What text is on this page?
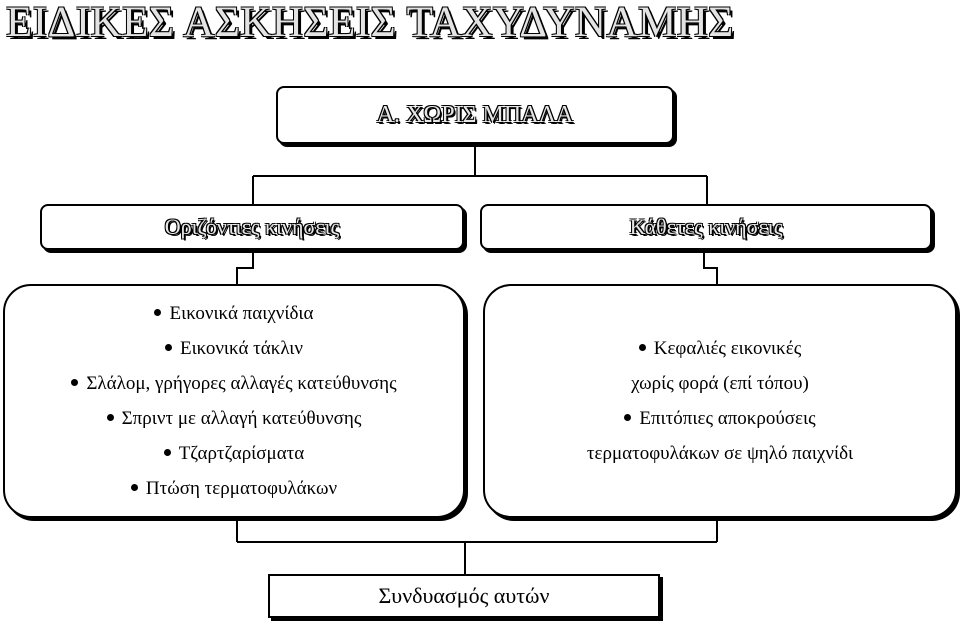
ΕΙΔΙΚΕΣ ΑΣΚΗΣΕΙΣ ΤΑΧΥΔΥΝΑΜΗΣ
Α. ΧΩΡΙΣ ΜΠΑΛΑ
Οριζόντιες κινήσεις	Κάθετες κινήσεις
Εικονικά παιχνίδια
Εικονικά τάκλιν
Σλάλομ, γρήγορες αλλαγές κατεύθυνσης
Σπριντ με αλλαγή κατεύθυνσης
Τζαρτζαρίσματα
Πτώση τερματοφυλάκων
Κεφαλιές εικονικές
χωρίς φορά (επί τόπου)
Επιτόπιες αποκρούσεις
τερματοφυλάκων σε ψηλό παιχνίδι
Συνδυασμός αυτών
